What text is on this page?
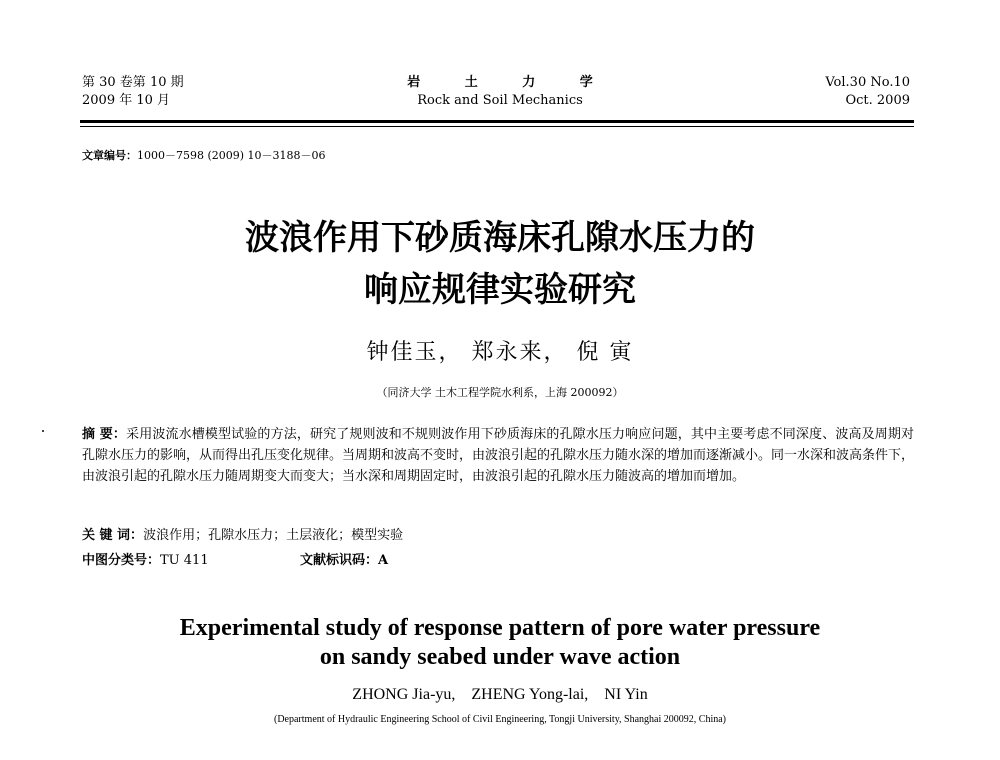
第 30 卷第 10 期
2009 年 10 月
岩 土 力 学
Rock and Soil Mechanics
Vol.30 No.10
Oct. 2009
文章编号：1000－7598 (2009) 10－3188－06
波浪作用下砂质海床孔隙水压力的
响应规律实验研究
钟佳玉， 郑永来， 倪 寅
（同济大学 土木工程学院水利系，上海 200092）
摘 要：采用波流水槽模型试验的方法，研究了规则波和不规则波作用下砂质海床的孔隙水压力响应问题，其中主要考虑不同深度、波高及周期对孔隙水压力的影响，从而得出孔压变化规律。当周期和波高不变时，由波浪引起的孔隙水压力随水深的增加而逐渐减小。同一水深和波高条件下，由波浪引起的孔隙水压力随周期变大而变大；当水深和周期固定时，由波浪引起的孔隙水压力随波高的增加而增加。
关 键 词：波浪作用；孔隙水压力；土层液化；模型实验
中图分类号：TU 411	文献标识码：A
Experimental study of response pattern of pore water pressure
on sandy seabed under wave action
ZHONG Jia-yu,    ZHENG Yong-lai,    NI Yin
(Department of Hydraulic Engineering School of Civil Engineering, Tongji University, Shanghai 200092, China)
